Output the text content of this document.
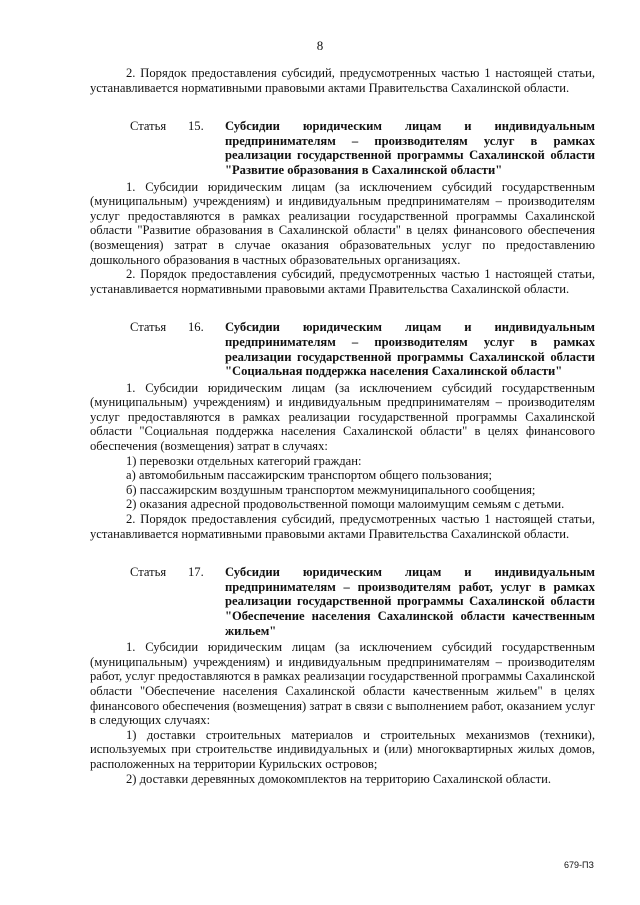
8

2. Порядок предоставления субсидий, предусмотренных частью 1 настоящей статьи, устанавливается нормативными правовыми актами Правительства Сахалинской области.

Статья	15.	Субсидии юридическим лицам и индивидуальным предпринимателям – производителям услуг в рамках реализации государственной программы Сахалинской области "Развитие образования в Сахалинской области"

1. Субсидии юридическим лицам (за исключением субсидий государственным (муниципальным) учреждениям) и индивидуальным предпринимателям – производителям услуг предоставляются в рамках реализации государственной программы Сахалинской области "Развитие образования в Сахалинской области" в целях финансового обеспечения (возмещения) затрат в случае оказания образовательных услуг по предоставлению дошкольного образования в частных образовательных организациях.

2. Порядок предоставления субсидий, предусмотренных частью 1 настоящей статьи, устанавливается нормативными правовыми актами Правительства Сахалинской области.

Статья	16.	Субсидии юридическим лицам и индивидуальным предпринимателям – производителям услуг в рамках реализации государственной программы Сахалинской области "Социальная поддержка населения Сахалинской области"

1. Субсидии юридическим лицам (за исключением субсидий государственным (муниципальным) учреждениям) и индивидуальным предпринимателям – производителям услуг предоставляются в рамках реализации государственной программы Сахалинской области "Социальная поддержка населения Сахалинской области" в целях финансового обеспечения (возмещения) затрат в случаях:

1) перевозки отдельных категорий граждан:

а) автомобильным пассажирским транспортом общего пользования;

б) пассажирским воздушным транспортом межмуниципального сообщения;

2) оказания адресной продовольственной помощи малоимущим семьям с детьми.

2. Порядок предоставления субсидий, предусмотренных частью 1 настоящей статьи, устанавливается нормативными правовыми актами Правительства Сахалинской области.

Статья	17.	Субсидии юридическим лицам и индивидуальным предпринимателям – производителям работ, услуг в рамках реализации государственной программы Сахалинской области "Обеспечение населения Сахалинской области качественным жильем"

1. Субсидии юридическим лицам (за исключением субсидий государственным (муниципальным) учреждениям) и индивидуальным предпринимателям – производителям работ, услуг предоставляются в рамках реализации государственной программы Сахалинской области "Обеспечение населения Сахалинской области качественным жильем" в целях финансового обеспечения (возмещения) затрат в связи с выполнением работ, оказанием услуг в следующих случаях:

1) доставки строительных материалов и строительных механизмов (техники), используемых при строительстве индивидуальных и (или) многоквартирных жилых домов, расположенных на территории Курильских островов;

2) доставки деревянных домокомплектов на территорию Сахалинской области.

679-ПЗ
